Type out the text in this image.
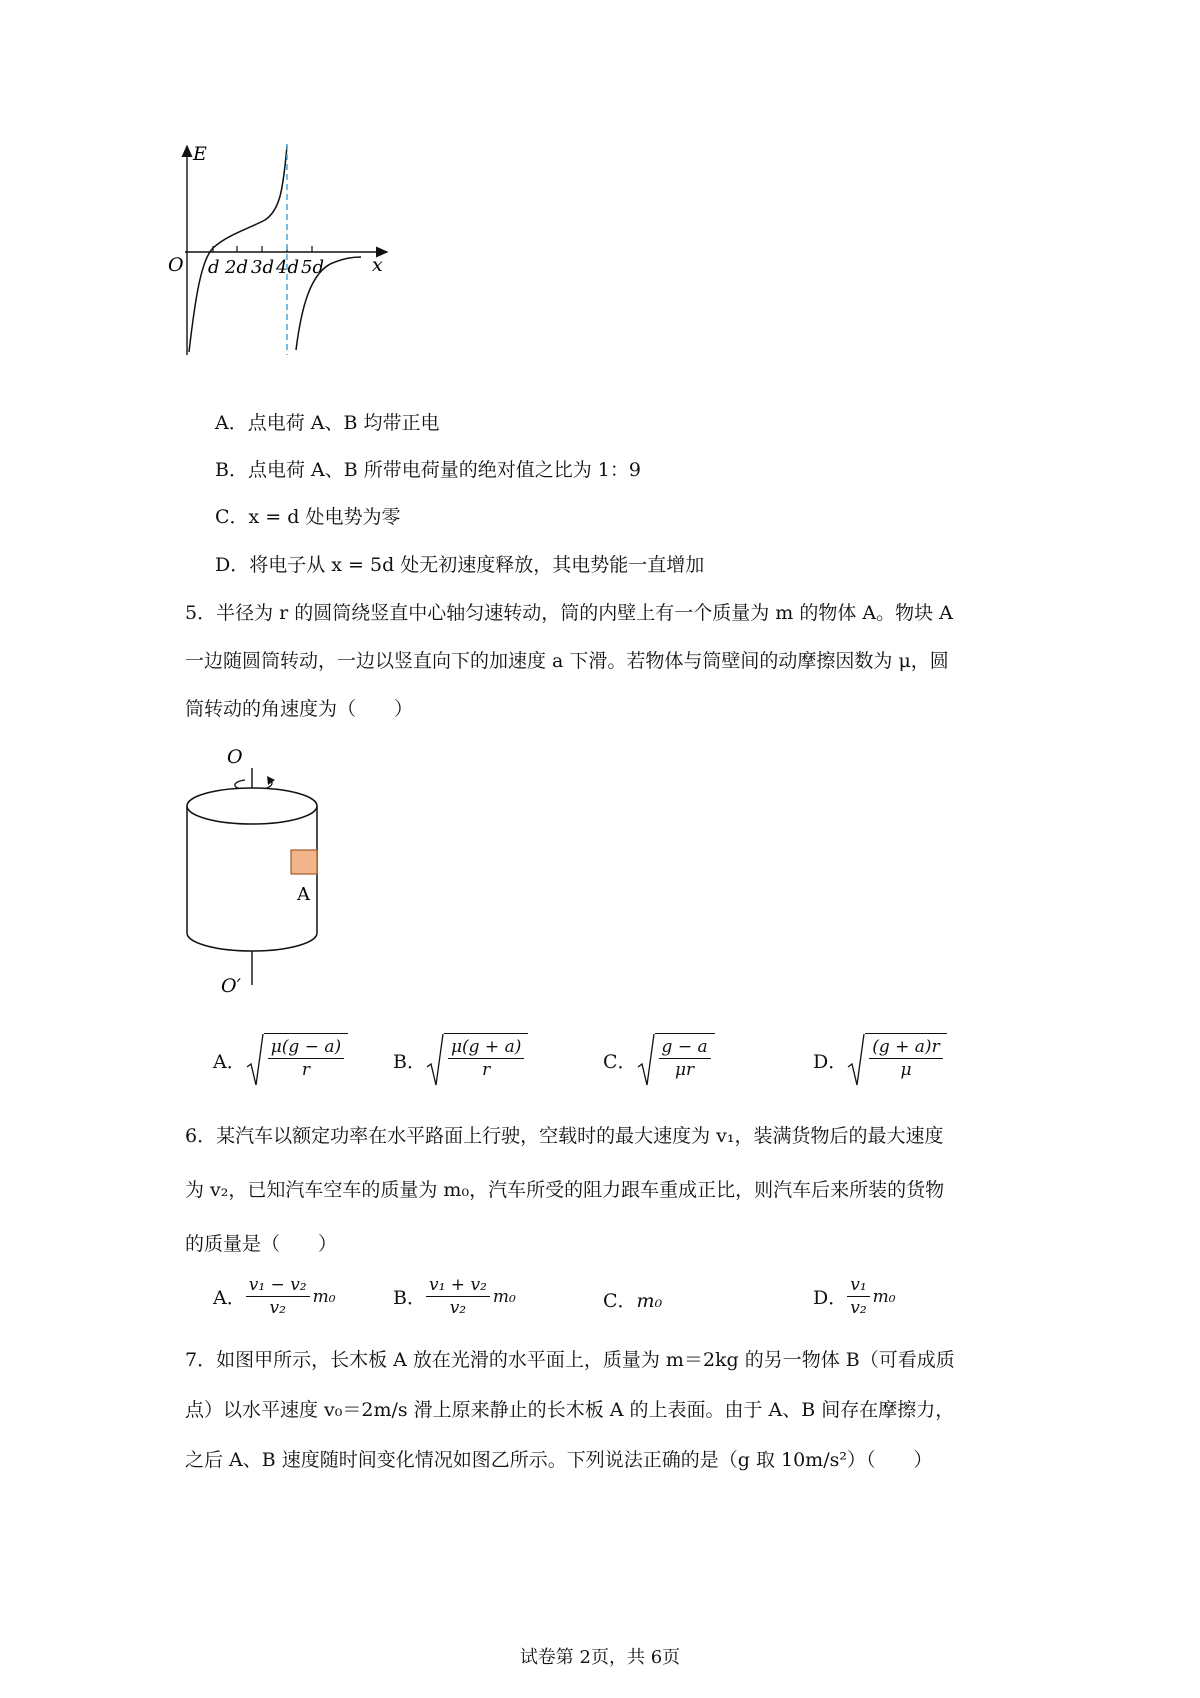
E
x
O d 2d 3d 4d 5d
A．点电荷 A、B 均带正电
B．点电荷 A、B 所带电荷量的绝对值之比为 1：9
C．x = d 处电势为零
D．将电子从 x = 5d 处无初速度释放，其电势能一直增加
5．半径为 r 的圆筒绕竖直中心轴匀速转动，筒的内壁上有一个质量为 m 的物体 A。物块 A
一边随圆筒转动，一边以竖直向下的加速度 a 下滑。若物体与筒壁间的动摩擦因数为 μ，圆
筒转动的角速度为（　　）
O
A
O′
A． $\frac{\mu(g - a)}{r}$	B． $\frac{\mu(g + a)}{r}$	C． $\frac{g - a}{\mu r}$	D． $\frac{(g + a)r}{\mu}$
6．某汽车以额定功率在水平路面上行驶，空载时的最大速度为 v₁，装满货物后的最大速度
为 v₂，已知汽车空车的质量为 m₀，汽车所受的阻力跟车重成正比，则汽车后来所装的货物
的质量是（　　）
A． $\frac{\text{v₁ − v₂}}{\text{v₂}} m_0$	B． $\frac{\text{v₁ + v₂}}{\text{v₂}} m_0$	C．m₀	D． $\frac{\text{v₁}}{\text{v₂}} m_0$
7．如图甲所示，长木板 A 放在光滑的水平面上，质量为 m＝2kg 的另一物体 B（可看成质
点）以水平速度 v₀＝2m/s 滑上原来静止的长木板 A 的上表面。由于 A、B 间存在摩擦力，
之后 A、B 速度随时间变化情况如图乙所示。下列说法正确的是（g 取 10m/s²）（　　）
试卷第 2页，共 6页
